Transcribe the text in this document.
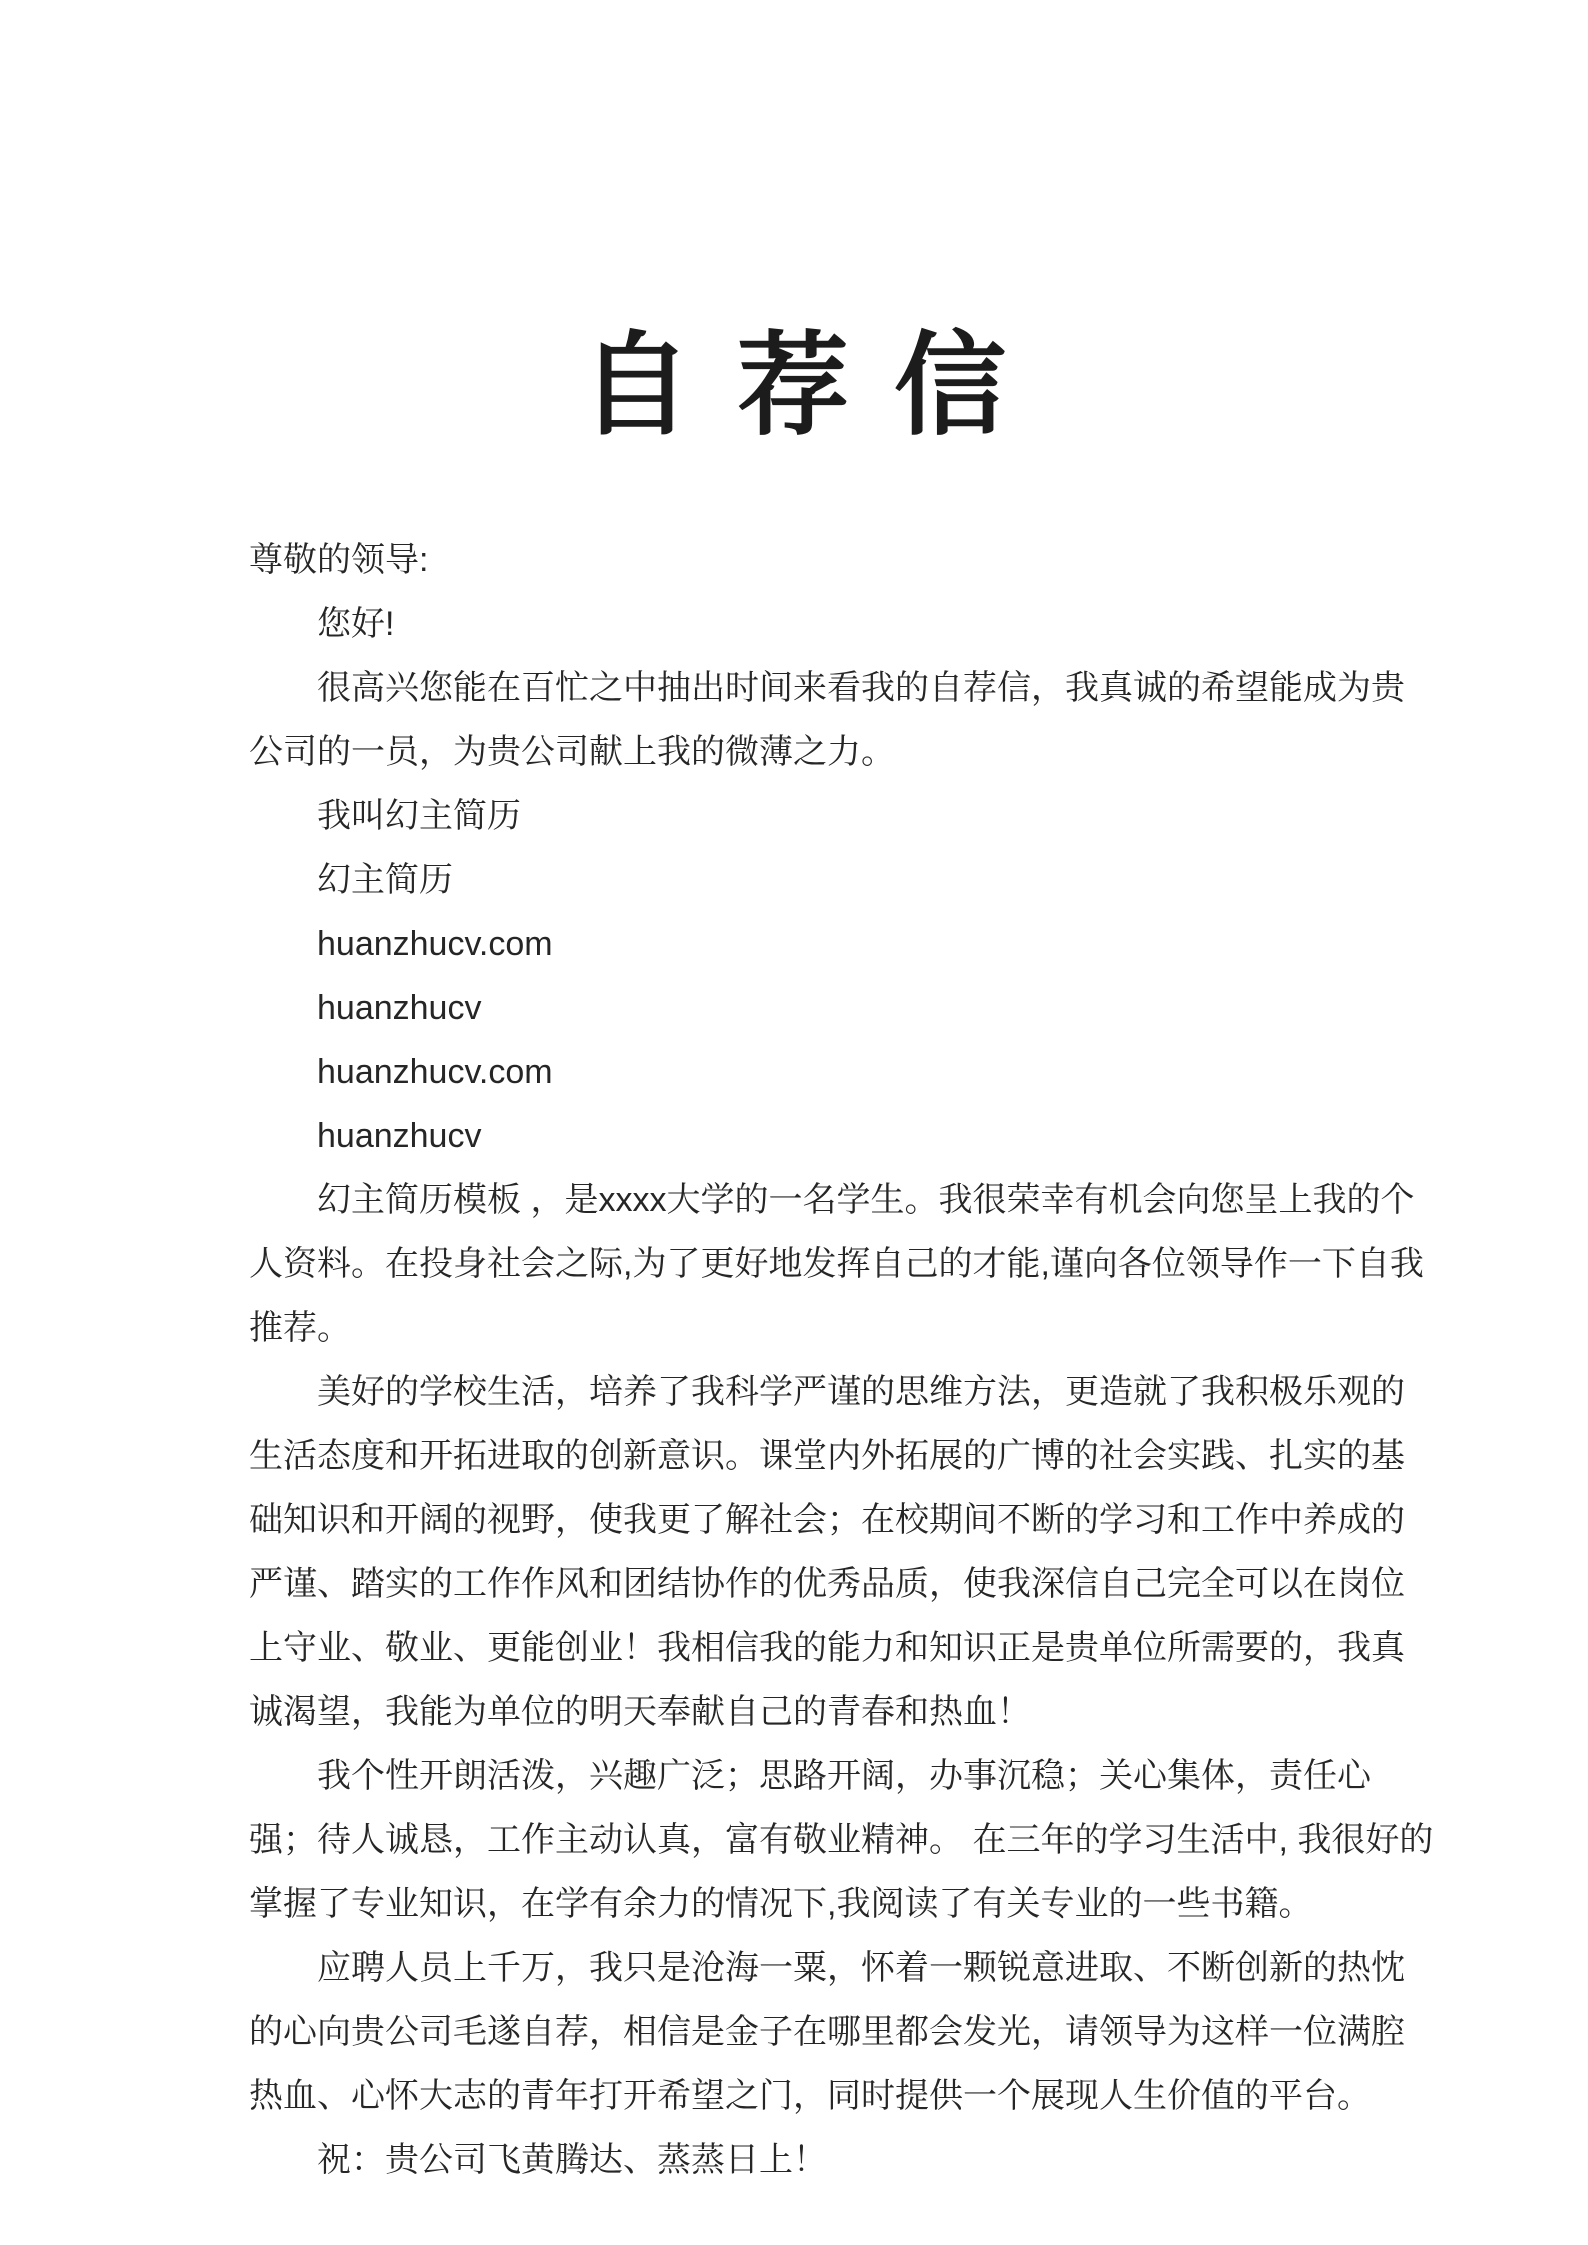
自 荐 信

尊敬的领导:

您好!

很高兴您能在百忙之中抽出时间来看我的自荐信，我真诚的希望能成为贵
公司的一员，为贵公司献上我的微薄之力。

我叫幻主简历

幻主简历

huanzhucv.com

huanzhucv

huanzhucv.com

huanzhucv

幻主简历模板 ，是xxxx大学的一名学生。我很荣幸有机会向您呈上我的个
人资料。在投身社会之际,为了更好地发挥自己的才能,谨向各位领导作一下自我
推荐。

美好的学校生活，培养了我科学严谨的思维方法，更造就了我积极乐观的
生活态度和开拓进取的创新意识。课堂内外拓展的广博的社会实践、扎实的基
础知识和开阔的视野，使我更了解社会；在校期间不断的学习和工作中养成的
严谨、踏实的工作作风和团结协作的优秀品质，使我深信自己完全可以在岗位
上守业、敬业、更能创业！我相信我的能力和知识正是贵单位所需要的，我真
诚渴望，我能为单位的明天奉献自己的青春和热血！

我个性开朗活泼，兴趣广泛；思路开阔，办事沉稳；关心集体，责任心
强；待人诚恳，工作主动认真，富有敬业精神。 在三年的学习生活中, 我很好的
掌握了专业知识，在学有余力的情况下,我阅读了有关专业的一些书籍。

应聘人员上千万，我只是沧海一粟，怀着一颗锐意进取、不断创新的热忱
的心向贵公司毛遂自荐，相信是金子在哪里都会发光，请领导为这样一位满腔
热血、心怀大志的青年打开希望之门，同时提供一个展现人生价值的平台。

祝：贵公司飞黄腾达、蒸蒸日上！
